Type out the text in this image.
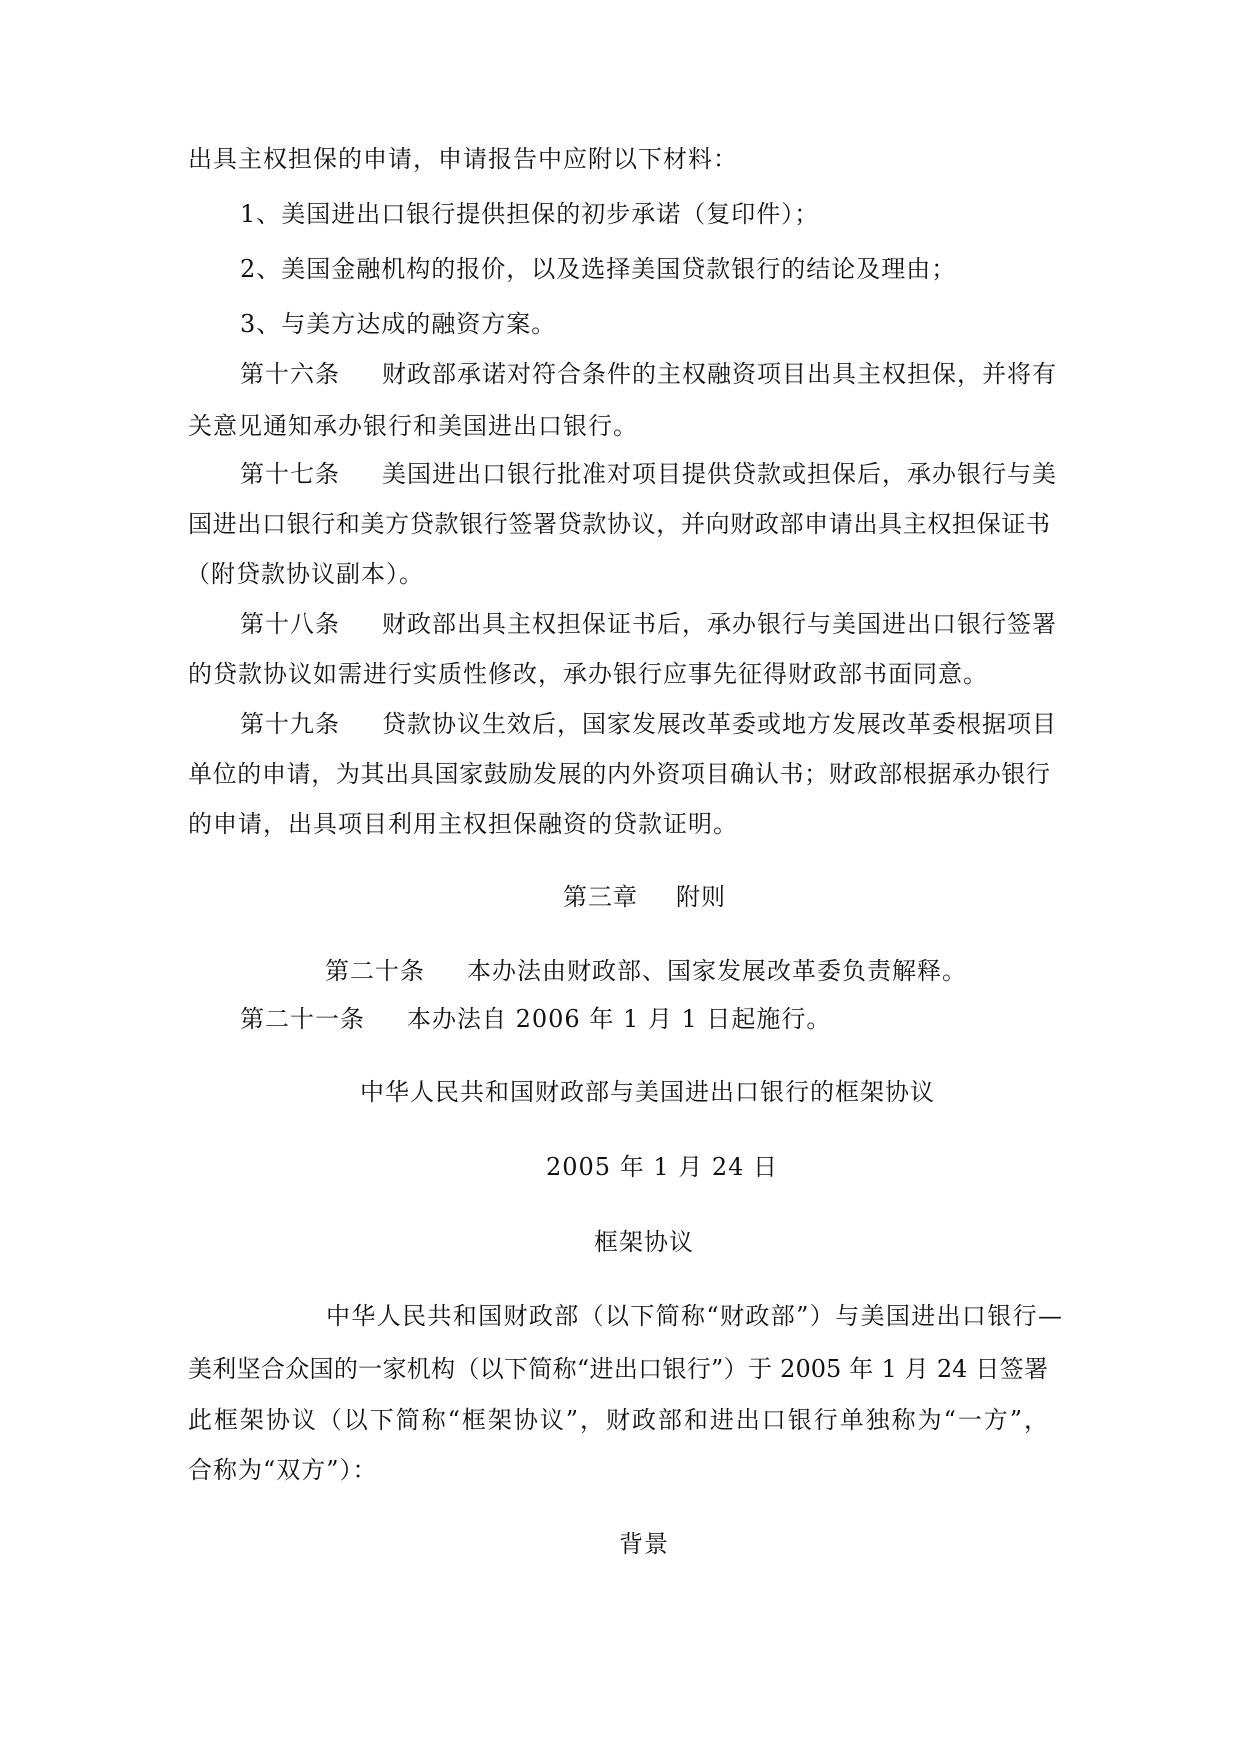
出具主权担保的申请，申请报告中应附以下材料：
1、美国进出口银行提供担保的初步承诺（复印件）；
2、美国金融机构的报价，以及选择美国贷款银行的结论及理由；
3、与美方达成的融资方案。
第十六条 财政部承诺对符合条件的主权融资项目出具主权担保，并将有
关意见通知承办银行和美国进出口银行。
第十七条 美国进出口银行批准对项目提供贷款或担保后，承办银行与美
国进出口银行和美方贷款银行签署贷款协议，并向财政部申请出具主权担保证书
（附贷款协议副本）。
第十八条 财政部出具主权担保证书后，承办银行与美国进出口银行签署
的贷款协议如需进行实质性修改，承办银行应事先征得财政部书面同意。
第十九条 贷款协议生效后，国家发展改革委或地方发展改革委根据项目
单位的申请，为其出具国家鼓励发展的内外资项目确认书；财政部根据承办银行
的申请，出具项目利用主权担保融资的贷款证明。
第三章 附则
第二十条 本办法由财政部、国家发展改革委负责解释。
第二十一条 本办法自 2006 年 1 月 1 日起施行。
中华人民共和国财政部与美国进出口银行的框架协议
2005 年 1 月 24 日
框架协议
中华人民共和国财政部（以下简称“财政部”）与美国进出口银行—
美利坚合众国的一家机构（以下简称“进出口银行”）于 2005 年 1 月 24 日签署
此框架协议（以下简称“框架协议”，财政部和进出口银行单独称为“一方”，
合称为“双方”）：
背景
